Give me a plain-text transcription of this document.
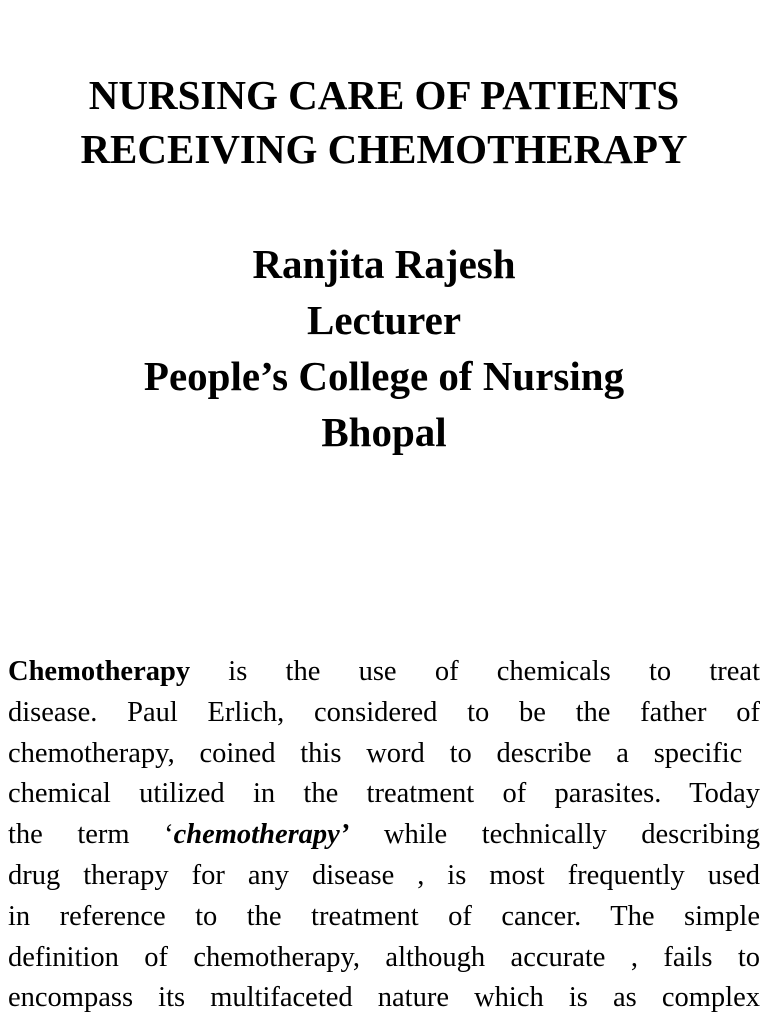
NURSING CARE OF PATIENTS
RECEIVING CHEMOTHERAPY
Ranjita Rajesh
Lecturer
People’s College of Nursing
Bhopal
Chemotherapy is the use of chemicals to treat
disease. Paul Erlich, considered to be the father of
chemotherapy, coined this word to describe a specific
chemical utilized in the treatment of parasites. Today
the term ‘chemotherapy’ while technically describing
drug therapy for any disease , is most frequently used
in reference to the treatment of cancer. The simple
definition of chemotherapy, although accurate , fails to
encompass its multifaceted nature which is as complex
